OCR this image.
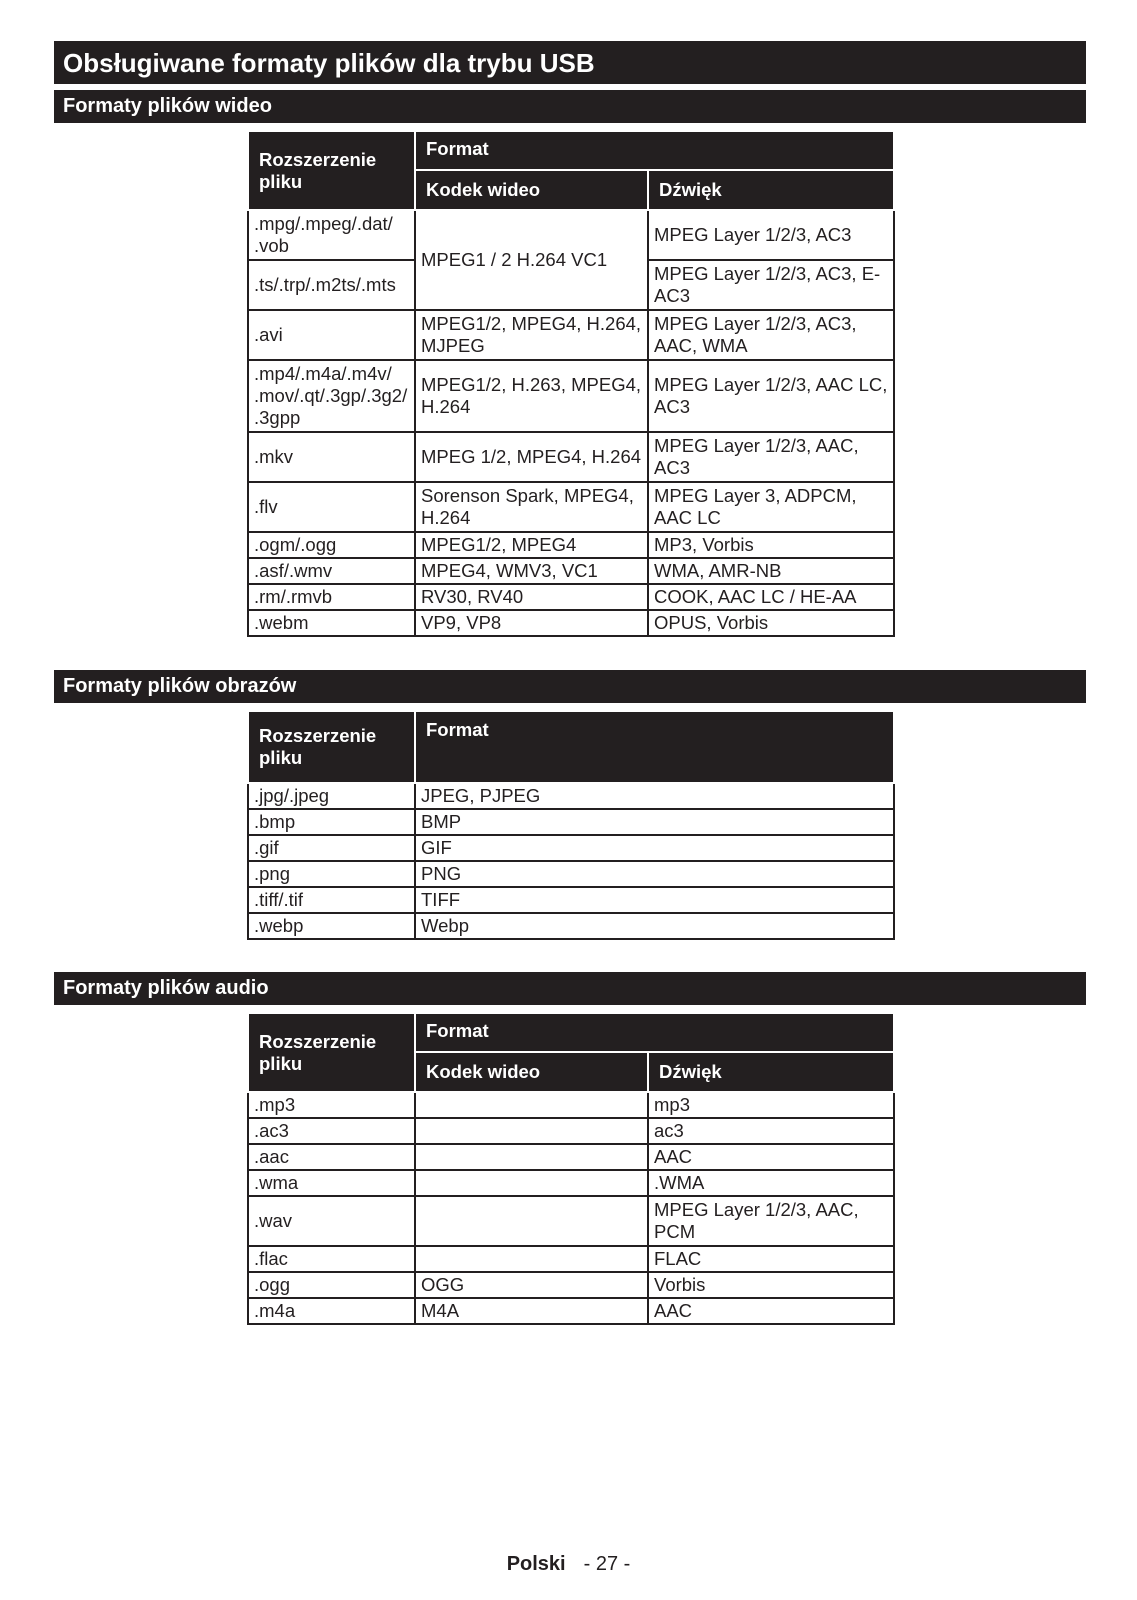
Obsługiwane formaty plików dla trybu USB
Formaty plików wideo
Rozszerzenie pliku	Format	
	Kodek wideo	Dźwięk
.mpg/.mpeg/.dat/ .vob	MPEG1 / 2 H.264 VC1	MPEG Layer 1/2/3, AC3
.ts/.trp/.m2ts/.mts		MPEG Layer 1/2/3, AC3, E-AC3
.avi	MPEG1/2, MPEG4, H.264, MJPEG	MPEG Layer 1/2/3, AC3, AAC, WMA
.mp4/.m4a/.m4v/ .mov/.qt/.3gp/.3g2/ .3gpp	MPEG1/2, H.263, MPEG4, H.264	MPEG Layer 1/2/3, AAC LC, AC3
.mkv	MPEG 1/2, MPEG4, H.264	MPEG Layer 1/2/3, AAC, AC3
.flv	Sorenson Spark, MPEG4, H.264	MPEG Layer 3, ADPCM, AAC LC
.ogm/.ogg	MPEG1/2, MPEG4	MP3, Vorbis
.asf/.wmv	MPEG4, WMV3, VC1	WMA, AMR-NB
.rm/.rmvb	RV30, RV40	COOK, AAC LC / HE-AA
.webm	VP9, VP8	OPUS, Vorbis
Formaty plików obrazów
Rozszerzenie pliku	Format
.jpg/.jpeg	JPEG, PJPEG
.bmp	BMP
.gif	GIF
.png	PNG
.tiff/.tif	TIFF
.webp	Webp
Formaty plików audio
Rozszerzenie pliku	Format	
	Kodek wideo	Dźwięk
.mp3		mp3
.ac3		ac3
.aac		AAC
.wma		.WMA
.wav		MPEG Layer 1/2/3, AAC, PCM
.flac		FLAC
.ogg	OGG	Vorbis
.m4a	M4A	AAC
Polski - 27 -
